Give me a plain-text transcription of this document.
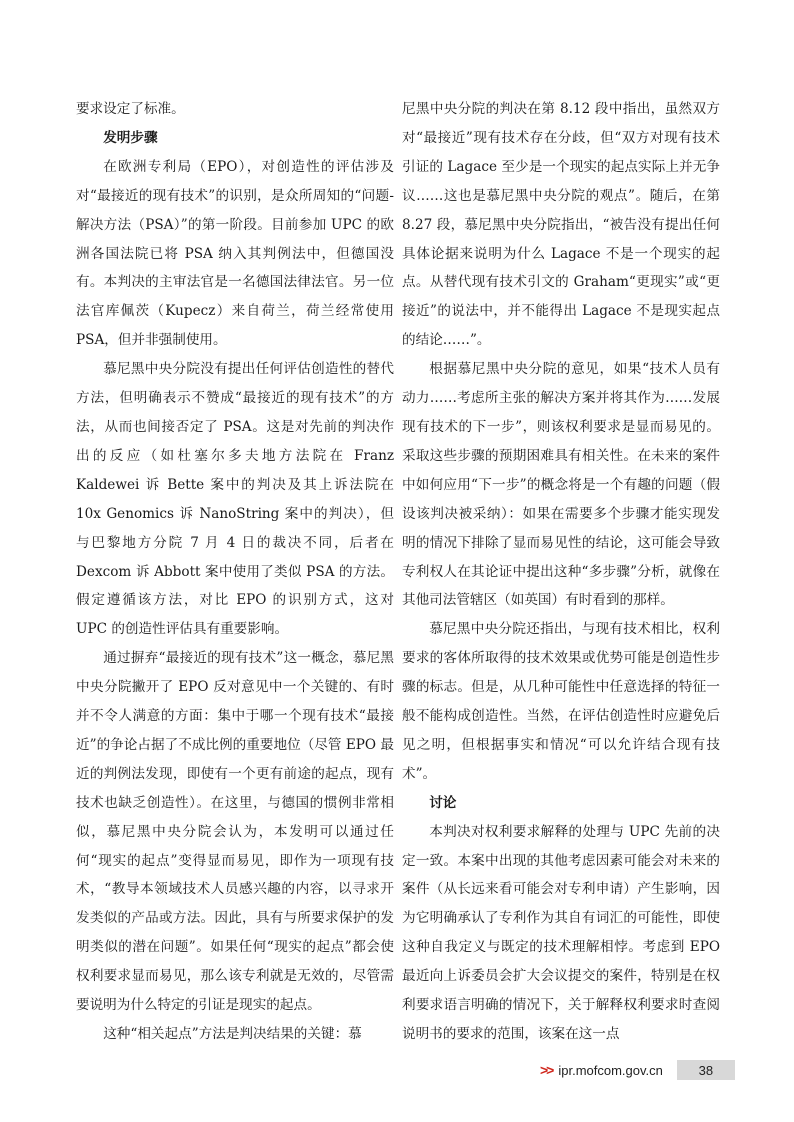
要求设定了标准。

发明步骤

在欧洲专利局（EPO），对创造性的评估涉及对“最接近的现有技术”的识别，是众所周知的“问题-解决方法（PSA）”的第一阶段。目前参加 UPC 的欧洲各国法院已将 PSA 纳入其判例法中，但德国没有。本判决的主审法官是一名德国法律法官。另一位法官库佩茨（Kupecz）来自荷兰，荷兰经常使用 PSA，但并非强制使用。

慕尼黑中央分院没有提出任何评估创造性的替代方法，但明确表示不赞成“最接近的现有技术”的方法，从而也间接否定了 PSA。这是对先前的判决作出的反应（如杜塞尔多夫地方法院在 Franz Kaldewei 诉 Bette 案中的判决及其上诉法院在 10x Genomics 诉 NanoString 案中的判决），但与巴黎地方分院 7 月 4 日的裁决不同，后者在 Dexcom 诉 Abbott 案中使用了类似 PSA 的方法。假定遵循该方法，对比 EPO 的识别方式，这对 UPC 的创造性评估具有重要影响。

通过摒弃“最接近的现有技术”这一概念，慕尼黑中央分院撇开了 EPO 反对意见中一个关键的、有时并不令人满意的方面：集中于哪一个现有技术“最接近”的争论占据了不成比例的重要地位（尽管 EPO 最近的判例法发现，即使有一个更有前途的起点，现有技术也缺乏创造性）。在这里，与德国的惯例非常相似，慕尼黑中央分院会认为，本发明可以通过任何“现实的起点”变得显而易见，即作为一项现有技术，“教导本领域技术人员感兴趣的内容，以寻求开发类似的产品或方法。因此，具有与所要求保护的发明类似的潜在问题”。如果任何“现实的起点”都会使权利要求显而易见，那么该专利就是无效的，尽管需要说明为什么特定的引证是现实的起点。

这种“相关起点”方法是判决结果的关键：慕

尼黑中央分院的判决在第 8.12 段中指出，虽然双方对“最接近”现有技术存在分歧，但“双方对现有技术引证的 Lagace 至少是一个现实的起点实际上并无争议……这也是慕尼黑中央分院的观点”。随后，在第 8.27 段，慕尼黑中央分院指出，“被告没有提出任何具体论据来说明为什么 Lagace 不是一个现实的起点。从替代现有技术引文的 Graham“更现实”或“更接近”的说法中，并不能得出 Lagace 不是现实起点的结论……”。

根据慕尼黑中央分院的意见，如果“技术人员有动力……考虑所主张的解决方案并将其作为……发展现有技术的下一步”，则该权利要求是显而易见的。采取这些步骤的预期困难具有相关性。在未来的案件中如何应用“下一步”的概念将是一个有趣的问题（假设该判决被采纳）：如果在需要多个步骤才能实现发明的情况下排除了显而易见性的结论，这可能会导致专利权人在其论证中提出这种“多步骤”分析，就像在其他司法管辖区（如英国）有时看到的那样。

慕尼黑中央分院还指出，与现有技术相比，权利要求的客体所取得的技术效果或优势可能是创造性步骤的标志。但是，从几种可能性中任意选择的特征一般不能构成创造性。当然，在评估创造性时应避免后见之明，但根据事实和情况“可以允许结合现有技术”。

讨论

本判决对权利要求解释的处理与 UPC 先前的决定一致。本案中出现的其他考虑因素可能会对未来的案件（从长远来看可能会对专利申请）产生影响，因为它明确承认了专利作为其自有词汇的可能性，即使这种自我定义与既定的技术理解相悖。考虑到 EPO 最近向上诉委员会扩大会议提交的案件，特别是在权利要求语言明确的情况下，关于解释权利要求时查阅说明书的要求的范围，该案在这一点

>> ipr.mofcom.gov.cn	38
